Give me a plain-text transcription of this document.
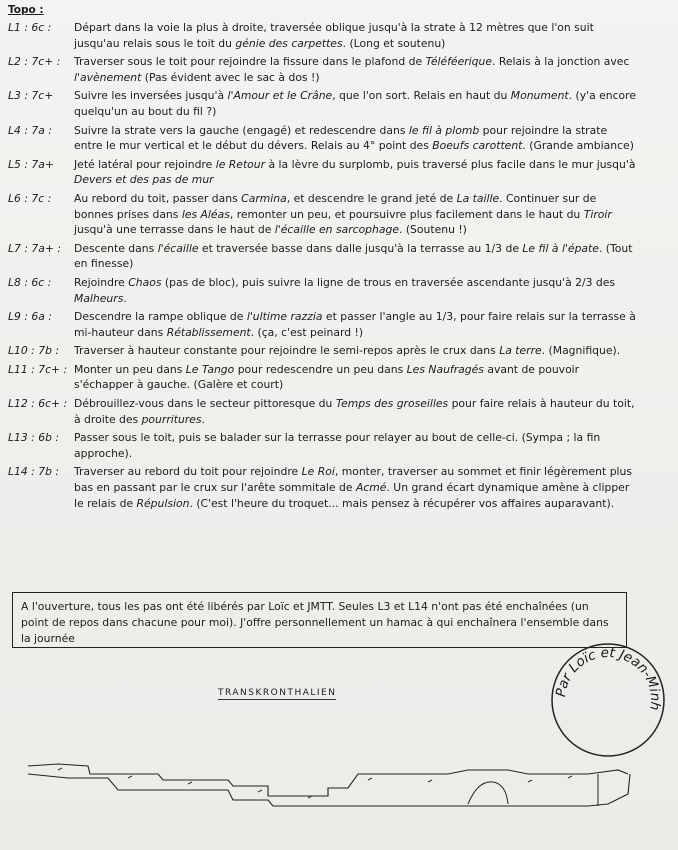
Topo :
L1 : 6c :	Départ dans la voie la plus à droite, traversée oblique jusqu'à la strate à 12 mètres que l'on suit jusqu'au relais sous le toit du génie des carpettes. (Long et soutenu)
L2 : 7c+ :	Traverser sous le toit pour rejoindre la fissure dans le plafond de Téléféerique. Relais à la jonction avec l'avènement (Pas évident avec le sac à dos !)
L3 : 7c+	Suivre les inversées jusqu'à l'Amour et le Crâne, que l'on sort. Relais en haut du Monument. (y'a encore quelqu'un au bout du fil ?)
L4 : 7a :	Suivre la strate vers la gauche (engagé) et redescendre dans le fil à plomb pour rejoindre la strate entre le mur vertical et le début du dévers. Relais au 4° point des Boeufs carottent. (Grande ambiance)
L5 : 7a+	Jeté latéral pour rejoindre le Retour à la lèvre du surplomb, puis traversé plus facile dans le mur jusqu'à Devers et des pas de mur
L6 : 7c :	Au rebord du toit, passer dans Carmina, et descendre le grand jeté de La taille. Continuer sur de bonnes prises dans les Aléas, remonter un peu, et poursuivre plus facilement dans le haut du Tiroir jusqu'à une terrasse dans le haut de l'écaille en sarcophage. (Soutenu !)
L7 : 7a+ :	Descente dans l'écaille et traversée basse dans dalle jusqu'à la terrasse au 1/3 de Le fil à l'épate. (Tout en finesse)
L8 : 6c :	Rejoindre Chaos (pas de bloc), puis suivre la ligne de trous en traversée ascendante jusqu'à 2/3 des Malheurs.
L9 : 6a :	Descendre la rampe oblique de l'ultime razzia et passer l'angle au 1/3, pour faire relais sur la terrasse à mi-hauteur dans Rétablissement. (ça, c'est peinard !)
L10 : 7b :	Traverser à hauteur constante pour rejoindre le semi-repos après le crux dans La terre. (Magnifique).
L11 : 7c+ : Monter un peu dans Le Tango pour redescendre un peu dans Les Naufragés avant de pouvoir s'échapper à gauche. (Galère et court)
L12 : 6c+ : Débrouillez-vous dans le secteur pittoresque du Temps des groseilles pour faire relais à hauteur du toit, à droite des pourritures.
L13 : 6b :	Passer sous le toit, puis se balader sur la terrasse pour relayer au bout de celle-ci. (Sympa ; la fin approche).
L14 : 7b :	Traverser au rebord du toit pour rejoindre Le Roi, monter, traverser au sommet et finir légèrement plus bas en passant par le crux sur l'arête sommitale de Acmé. Un grand écart dynamique amène à clipper le relais de Répulsion. (C'est l'heure du troquet... mais pensez à récupérer vos affaires auparavant).
A l'ouverture, tous les pas ont été libérés par Loïc et JMTT. Seules L3 et L14 n'ont pas été enchaînées (un point de repos dans chacune pour moi). J'offre personnellement un hamac à qui enchaînera l'ensemble dans la journée
TRANSKRONTHALIEN	Par Loïc et Jean-Minh
